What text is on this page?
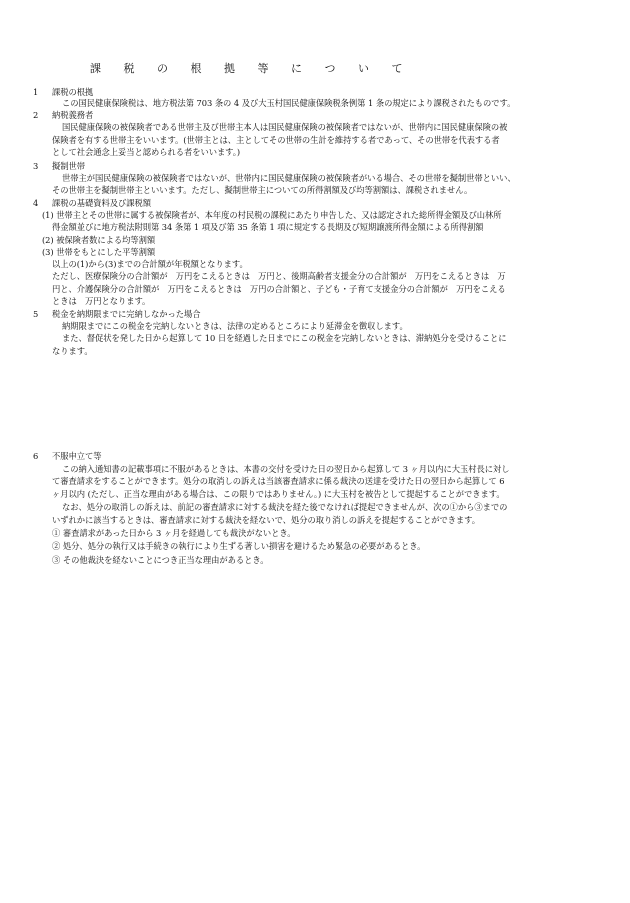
課 税 の 根 拠 等 に つ い て
1 課税の根拠
この国民健康保険税は、地方税法第 703 条の 4 及び大玉村国民健康保険税条例第 1 条の規定により課税されたものです。
2 納税義務者
国民健康保険の被保険者である世帯主及び世帯主本人は国民健康保険の被保険者ではないが、世帯内に国民健康保険の被
保険者を有する世帯主をいいます。(世帯主とは、主としてその世帯の生計を維持する者であって、その世帯を代表する者
として社会通念上妥当と認められる者をいいます。)
3 擬制世帯
世帯主が国民健康保険の被保険者ではないが、世帯内に国民健康保険の被保険者がいる場合、その世帯を擬制世帯といい、
その世帯主を擬制世帯主といいます。ただし、擬制世帯主についての所得割額及び均等割額は、課税されません。
4 課税の基礎資料及び課税額
(1) 世帯主とその世帯に属する被保険者が、本年度の村民税の課税にあたり申告した、又は認定された総所得金額及び山林所
得金額並びに地方税法附則第 34 条第 1 項及び第 35 条第 1 項に規定する長期及び短期譲渡所得金額による所得割額
(2) 被保険者数による均等割額
(3) 世帯をもとにした平等割額
以上の(1)から(3)までの合計額が年税額となります。
ただし、医療保険分の合計額が　万円をこえるときは　万円と、後期高齢者支援金分の合計額が　万円をこえるときは　万
円と、介護保険分の合計額が　万円をこえるときは　万円の合計額と、子ども・子育て支援金分の合計額が　万円をこえる
ときは　万円となります。
5 税金を納期限までに完納しなかった場合
納期限までにこの税金を完納しないときは、法律の定めるところにより延滞金を徴収します。
また、督促状を発した日から起算して 10 日を経過した日までにこの税金を完納しないときは、滞納処分を受けることに
なります。
6 不服申立て等
この納入通知書の記載事項に不服があるときは、本書の交付を受けた日の翌日から起算して 3 ヶ月以内に大玉村長に対し
て審査請求をすることができます。処分の取消しの訴えは当該審査請求に係る裁決の送達を受けた日の翌日から起算して 6
ヶ月以内 (ただし、正当な理由がある場合は、この限りではありません。) に大玉村を被告として提起することができます。
なお、処分の取消しの訴えは、前記の審査請求に対する裁決を経た後でなければ提起できませんが、次の①から③までの
いずれかに該当するときは、審査請求に対する裁決を経ないで、処分の取り消しの訴えを提起することができます。
① 審査請求があった日から 3 ヶ月を経過しても裁決がないとき。
② 処分、処分の執行又は手続きの執行により生ずる著しい損害を避けるため緊急の必要があるとき。
③ その他裁決を経ないことにつき正当な理由があるとき。
